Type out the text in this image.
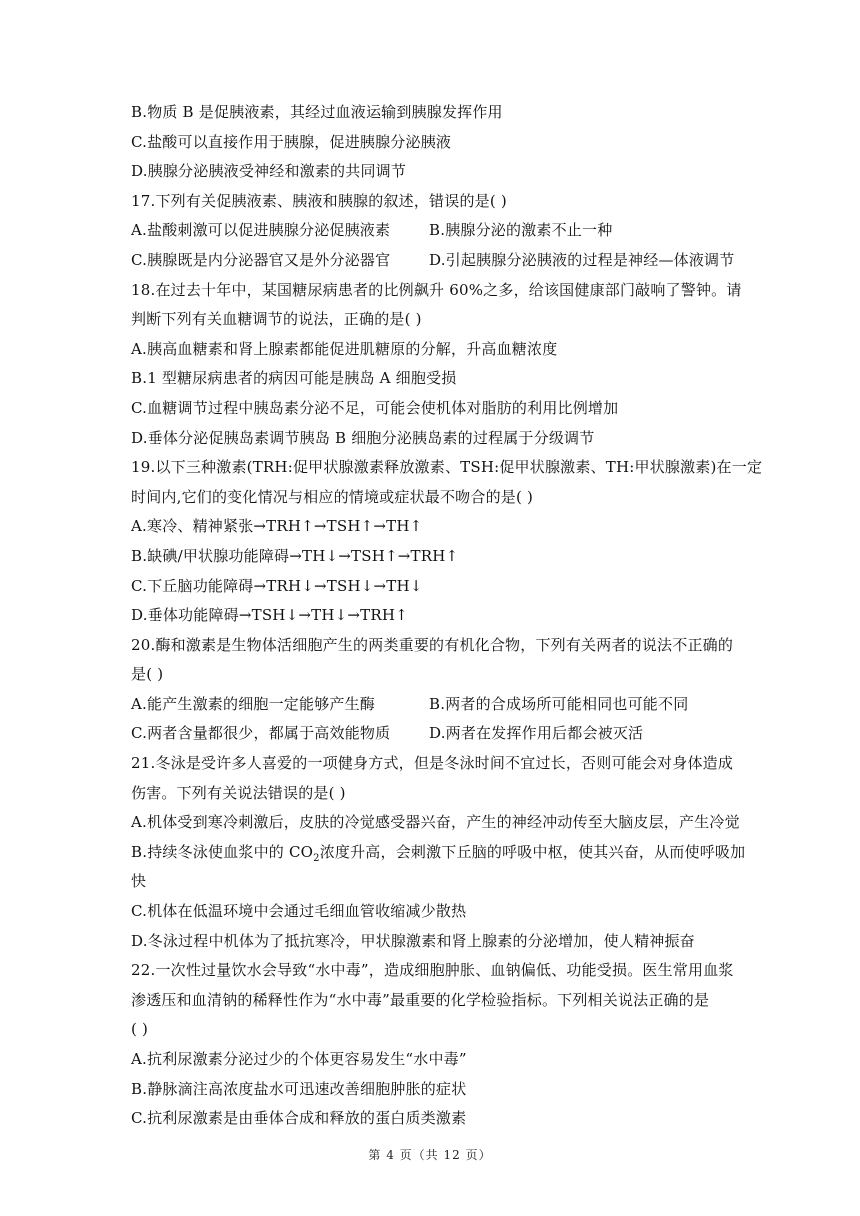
B.物质 B 是促胰液素，其经过血液运输到胰腺发挥作用
C.盐酸可以直接作用于胰腺，促进胰腺分泌胰液
D.胰腺分泌胰液受神经和激素的共同调节
17.下列有关促胰液素、胰液和胰腺的叙述，错误的是( )
A.盐酸刺激可以促进胰腺分泌促胰液素	B.胰腺分泌的激素不止一种
C.胰腺既是内分泌器官又是外分泌器官	D.引起胰腺分泌胰液的过程是神经—体液调节
18.在过去十年中，某国糖尿病患者的比例飙升 60%之多，给该国健康部门敲响了警钟。请
判断下列有关血糖调节的说法，正确的是( )
A.胰高血糖素和肾上腺素都能促进肌糖原的分解，升高血糖浓度
B.1 型糖尿病患者的病因可能是胰岛 A 细胞受损
C.血糖调节过程中胰岛素分泌不足，可能会使机体对脂肪的利用比例增加
D.垂体分泌促胰岛素调节胰岛 B 细胞分泌胰岛素的过程属于分级调节
19.以下三种激素(TRH:促甲状腺激素释放激素、TSH:促甲状腺激素、TH:甲状腺激素)在一定
时间内,它们的变化情况与相应的情境或症状最不吻合的是( )
A.寒冷、精神紧张→TRH↑→TSH↑→TH↑
B.缺碘/甲状腺功能障碍→TH↓→TSH↑→TRH↑
C.下丘脑功能障碍→TRH↓→TSH↓→TH↓
D.垂体功能障碍→TSH↓→TH↓→TRH↑
20.酶和激素是生物体活细胞产生的两类重要的有机化合物，下列有关两者的说法不正确的
是( )
A.能产生激素的细胞一定能够产生酶	B.两者的合成场所可能相同也可能不同
C.两者含量都很少，都属于高效能物质	D.两者在发挥作用后都会被灭活
21.冬泳是受许多人喜爱的一项健身方式，但是冬泳时间不宜过长，否则可能会对身体造成
伤害。下列有关说法错误的是( )
A.机体受到寒冷刺激后，皮肤的冷觉感受器兴奋，产生的神经冲动传至大脑皮层，产生冷觉
B.持续冬泳使血浆中的 $CO_2$浓度升高，会刺激下丘脑的呼吸中枢，使其兴奋，从而使呼吸加
快
C.机体在低温环境中会通过毛细血管收缩减少散热
D.冬泳过程中机体为了抵抗寒冷，甲状腺激素和肾上腺素的分泌增加，使人精神振奋
22.一次性过量饮水会导致“水中毒”，造成细胞肿胀、血钠偏低、功能受损。医生常用血浆
渗透压和血清钠的稀释性作为“水中毒”最重要的化学检验指标。下列相关说法正确的是
( )
A.抗利尿激素分泌过少的个体更容易发生“水中毒”
B.静脉滴注高浓度盐水可迅速改善细胞肿胀的症状
C.抗利尿激素是由垂体合成和释放的蛋白质类激素
第 4 页（共 12 页）
